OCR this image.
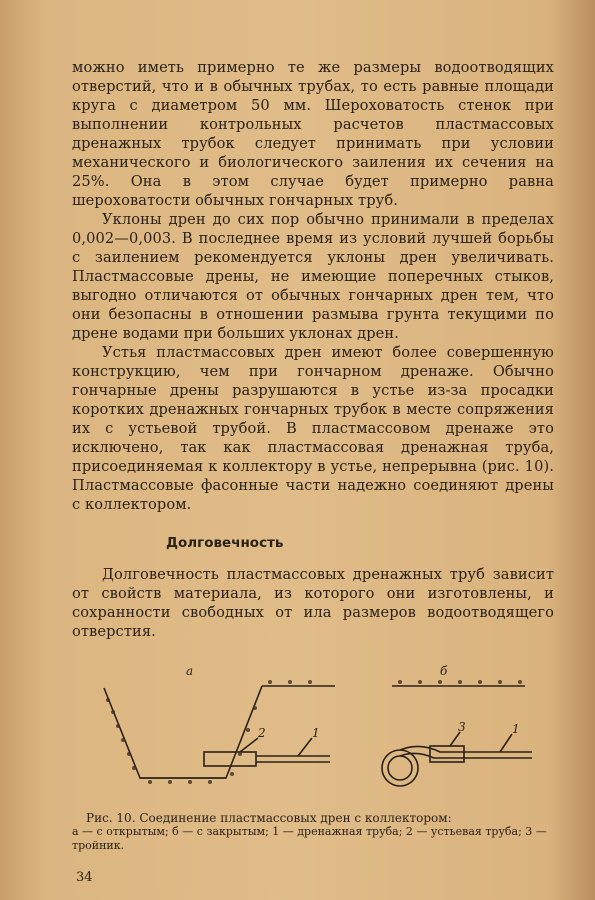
можно иметь примерно те же размеры водоотводящих отверстий, что и в обычных трубах, то есть равные площади круга с диаметром 50 мм. Шероховатость стенок при выполнении контрольных расчетов пластмассовых дренажных трубок следует принимать при условии механического и биологического заиления их сечения на 25%. Она в этом случае будет примерно равна шероховатости обычных гончарных труб.

Уклоны дрен до сих пор обычно принимали в пределах 0,002—0,003. В последнее время из условий лучшей борьбы с заилением рекомендуется уклоны дрен увеличивать. Пластмассовые дрены, не имеющие поперечных стыков, выгодно отличаются от обычных гончарных дрен тем, что они безопасны в отношении размыва грунта текущими по дрене водами при больших уклонах дрен.

Устья пластмассовых дрен имеют более совершенную конструкцию, чем при гончарном дренаже. Обычно гончарные дрены разрушаются в устье из-за просадки коротких дренажных гончарных трубок в месте сопряжения их с устьевой трубой. В пластмассовом дренаже это исключено, так как пластмассовая дренажная труба, присоединяемая к коллектору в устье, непрерывна (рис. 10). Пластмассовые фасонные части надежно соединяют дрены с коллектором.

Долговечность

Долговечность пластмассовых дренажных труб зависит от свойств материала, из которого они изготовлены, и сохранности свободных от ила размеров водоотводящего отверстия.

а	б
2	1	3	1
Рис. 10. Соединение пластмассовых дрен с коллектором:
а — с открытым; б — с закрытым; 1 — дренажная труба; 2 — устьевая труба; 3 — тройник.
34
